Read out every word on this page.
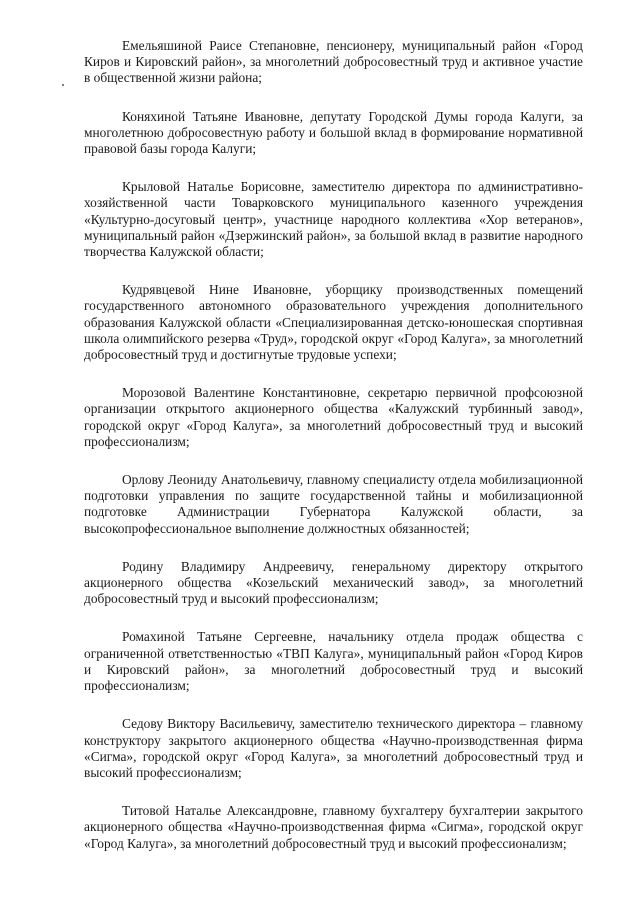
Емельяшиной Раисе Степановне, пенсионеру, муниципальный район «Город Киров и Кировский район», за многолетний добросовестный труд и активное участие в общественной жизни района;
Коняхиной Татьяне Ивановне, депутату Городской Думы города Калуги, за многолетнюю добросовестную работу и большой вклад в формирование нормативной правовой базы города Калуги;
Крыловой Наталье Борисовне, заместителю директора по административно-хозяйственной части Товарковского муниципального казенного учреждения «Культурно-досуговый центр», участнице народного коллектива «Хор ветеранов», муниципальный район «Дзержинский район», за большой вклад в развитие народного творчества Калужской области;
Кудрявцевой Нине Ивановне, уборщику производственных помещений государственного автономного образовательного учреждения дополнительного образования Калужской области «Специализированная детско-юношеская спортивная школа олимпийского резерва «Труд», городской округ «Город Калуга», за многолетний добросовестный труд и достигнутые трудовые успехи;
Морозовой Валентине Константиновне, секретарю первичной профсоюзной организации открытого акционерного общества «Калужский турбинный завод», городской округ «Город Калуга», за многолетний добросовестный труд и высокий профессионализм;
Орлову Леониду Анатольевичу, главному специалисту отдела мобилизационной подготовки управления по защите государственной тайны и мобилизационной подготовке Администрации Губернатора Калужской области, за высокопрофессиональное выполнение должностных обязанностей;
Родину Владимиру Андреевичу, генеральному директору открытого акционерного общества «Козельский механический завод», за многолетний добросовестный труд и высокий профессионализм;
Ромахиной Татьяне Сергеевне, начальнику отдела продаж общества с ограниченной ответственностью «ТВП Калуга», муниципальный район «Город Киров и Кировский район», за многолетний добросовестный труд и высокий профессионализм;
Седову Виктору Васильевичу, заместителю технического директора – главному конструктору закрытого акционерного общества «Научно-производственная фирма «Сигма», городской округ «Город Калуга», за многолетний добросовестный труд и высокий профессионализм;
Титовой Наталье Александровне, главному бухгалтеру бухгалтерии закрытого акционерного общества «Научно-производственная фирма «Сигма», городской округ «Город Калуга», за многолетний добросовестный труд и высокий профессионализм;
